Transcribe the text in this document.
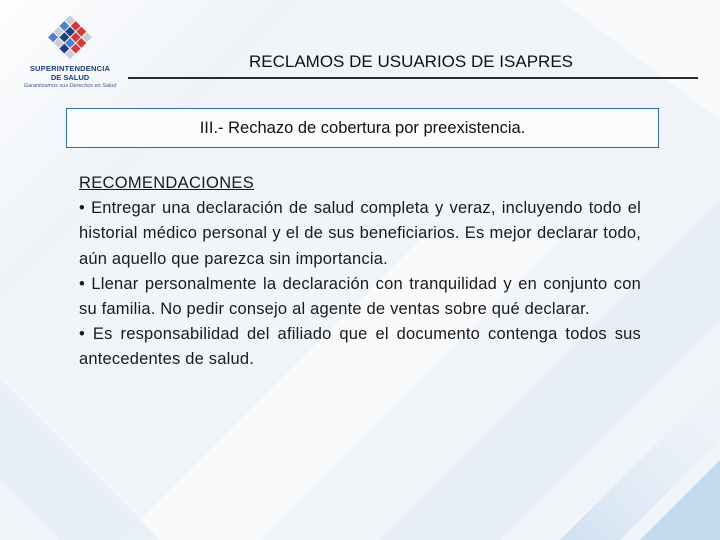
SUPERINTENDENCIA
DE SALUD
Garantizamos sus Derechos en Salud
RECLAMOS DE USUARIOS DE ISAPRES
III.- Rechazo de cobertura por preexistencia.
RECOMENDACIONES
• Entregar una declaración de salud completa y veraz, incluyendo todo el historial médico personal y el de sus beneficiarios. Es mejor declarar todo, aún aquello que parezca sin importancia.
• Llenar personalmente la declaración con tranquilidad y en conjunto con su familia. No pedir consejo al agente de ventas sobre qué declarar.
• Es responsabilidad del afiliado que el documento contenga todos sus antecedentes de salud.
